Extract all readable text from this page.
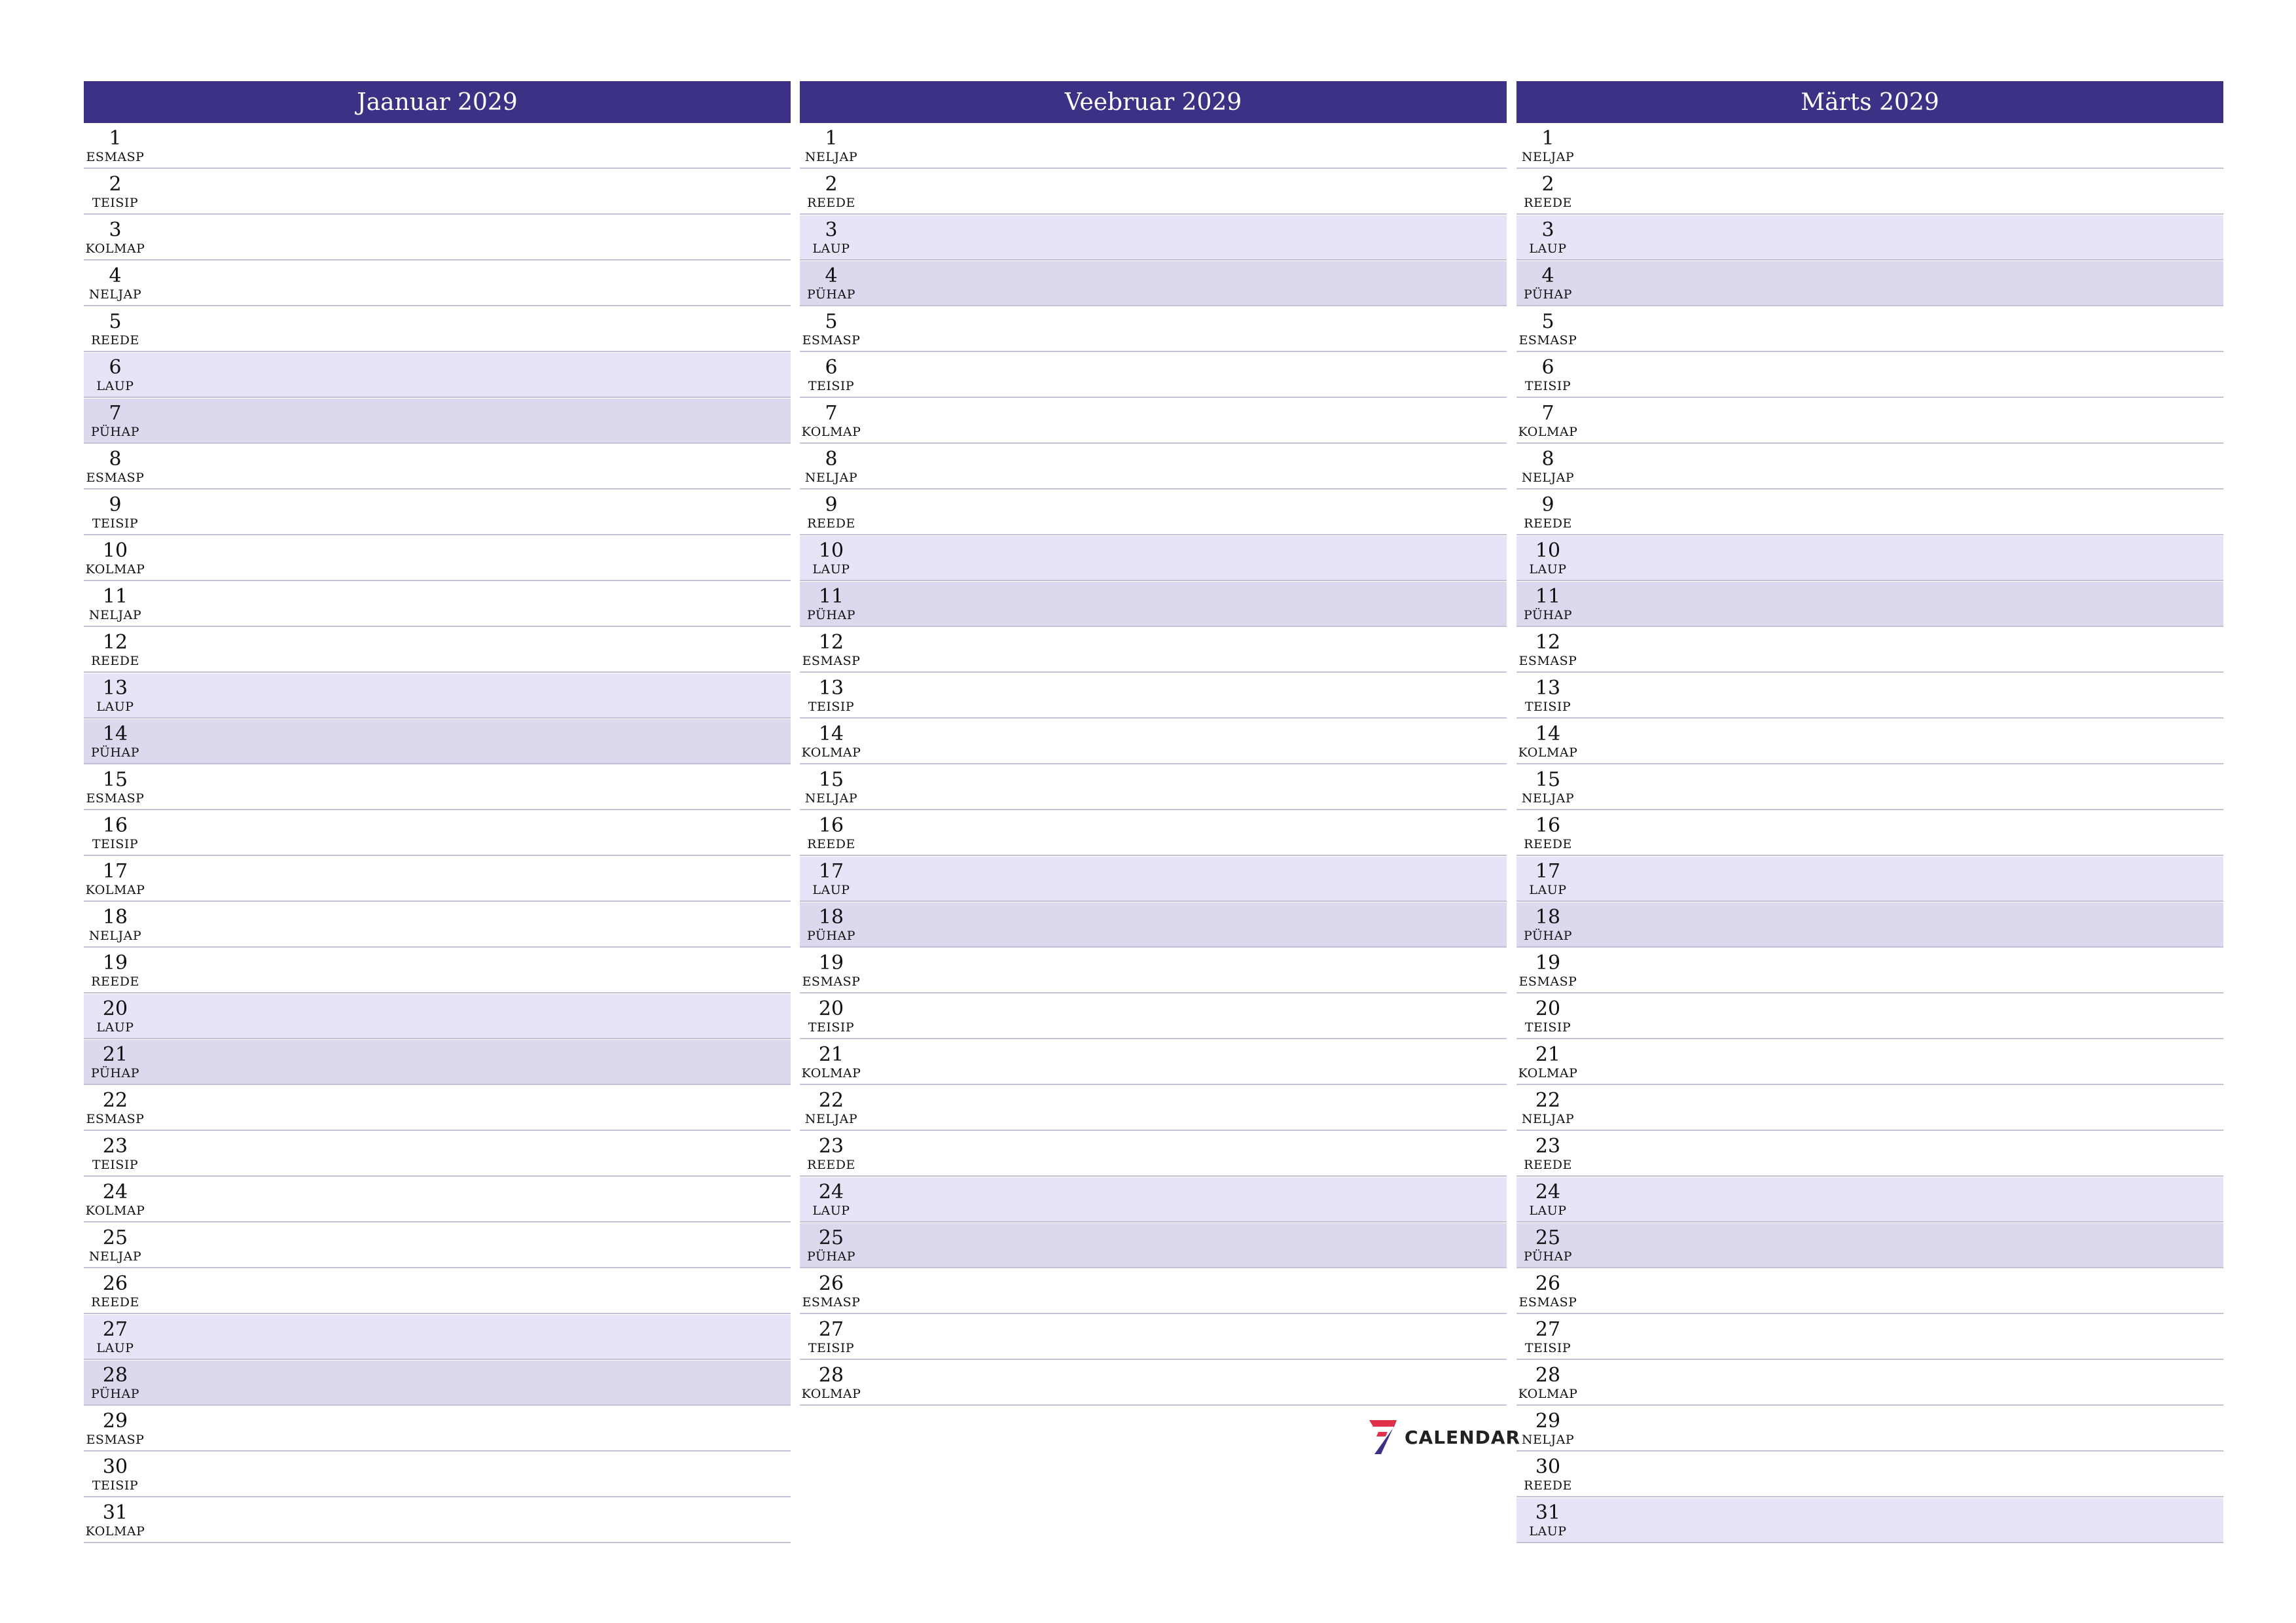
Jaanuar 2029
1
ESMASP
2
TEISIP
3
KOLMAP
4
NELJAP
5
REEDE
6
LAUP
7
PÜHAP
8
ESMASP
9
TEISIP
10
KOLMAP
11
NELJAP
12
REEDE
13
LAUP
14
PÜHAP
15
ESMASP
16
TEISIP
17
KOLMAP
18
NELJAP
19
REEDE
20
LAUP
21
PÜHAP
22
ESMASP
23
TEISIP
24
KOLMAP
25
NELJAP
26
REEDE
27
LAUP
28
PÜHAP
29
ESMASP
30
TEISIP
31
KOLMAP
Veebruar 2029
1
NELJAP
2
REEDE
3
LAUP
4
PÜHAP
5
ESMASP
6
TEISIP
7
KOLMAP
8
NELJAP
9
REEDE
10
LAUP
11
PÜHAP
12
ESMASP
13
TEISIP
14
KOLMAP
15
NELJAP
16
REEDE
17
LAUP
18
PÜHAP
19
ESMASP
20
TEISIP
21
KOLMAP
22
NELJAP
23
REEDE
24
LAUP
25
PÜHAP
26
ESMASP
27
TEISIP
28
KOLMAP
Märts 2029
1
NELJAP
2
REEDE
3
LAUP
4
PÜHAP
5
ESMASP
6
TEISIP
7
KOLMAP
8
NELJAP
9
REEDE
10
LAUP
11
PÜHAP
12
ESMASP
13
TEISIP
14
KOLMAP
15
NELJAP
16
REEDE
17
LAUP
18
PÜHAP
19
ESMASP
20
TEISIP
21
KOLMAP
22
NELJAP
23
REEDE
24
LAUP
25
PÜHAP
26
ESMASP
27
TEISIP
28
KOLMAP
29
NELJAP
30
REEDE
31
LAUP
CALENDAR
